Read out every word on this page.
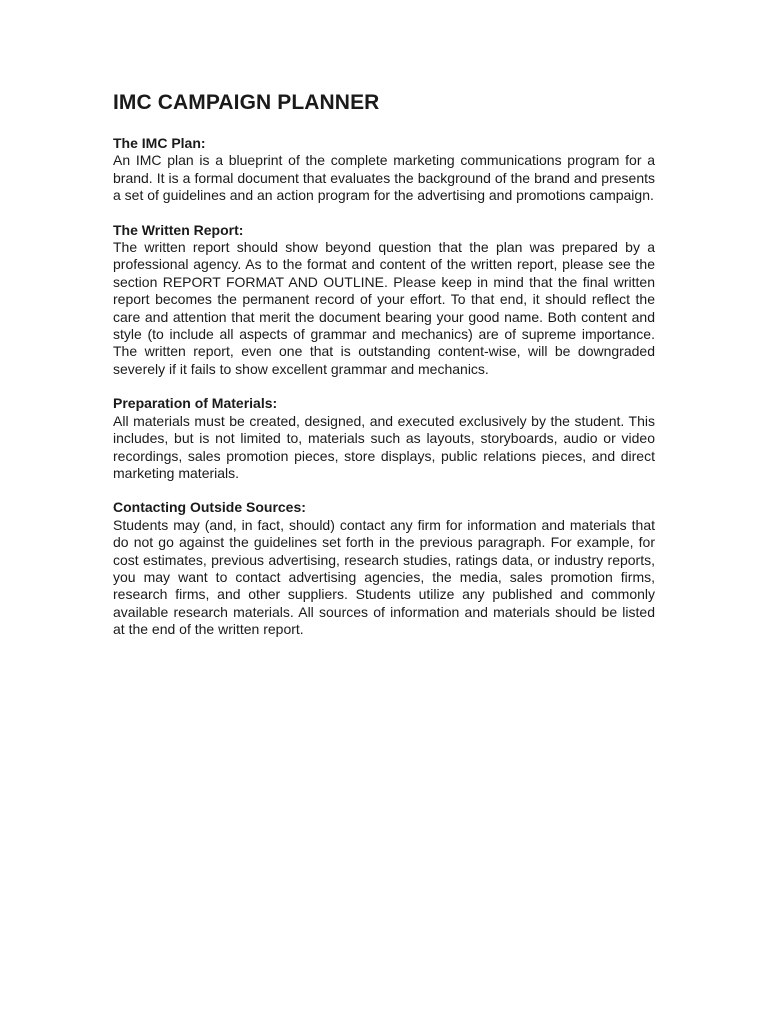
IMC CAMPAIGN PLANNER

The IMC Plan:

An IMC plan is a blueprint of the complete marketing communications program for a brand. It is a formal document that evaluates the background of the brand and presents a set of guidelines and an action program for the advertising and promotions campaign.

The Written Report:

The written report should show beyond question that the plan was prepared by a professional agency. As to the format and content of the written report, please see the section REPORT FORMAT AND OUTLINE. Please keep in mind that the final written report becomes the permanent record of your effort. To that end, it should reflect the care and attention that merit the document bearing your good name. Both content and style (to include all aspects of grammar and mechanics) are of supreme importance. The written report, even one that is outstanding content-wise, will be downgraded severely if it fails to show excellent grammar and mechanics.

Preparation of Materials:

All materials must be created, designed, and executed exclusively by the student. This includes, but is not limited to, materials such as layouts, storyboards, audio or video recordings, sales promotion pieces, store displays, public relations pieces, and direct marketing materials.

Contacting Outside Sources:

Students may (and, in fact, should) contact any firm for information and materials that do not go against the guidelines set forth in the previous paragraph. For example, for cost estimates, previous advertising, research studies, ratings data, or industry reports, you may want to contact advertising agencies, the media, sales promotion firms, research firms, and other suppliers. Students utilize any published and commonly available research materials. All sources of information and materials should be listed at the end of the written report.
